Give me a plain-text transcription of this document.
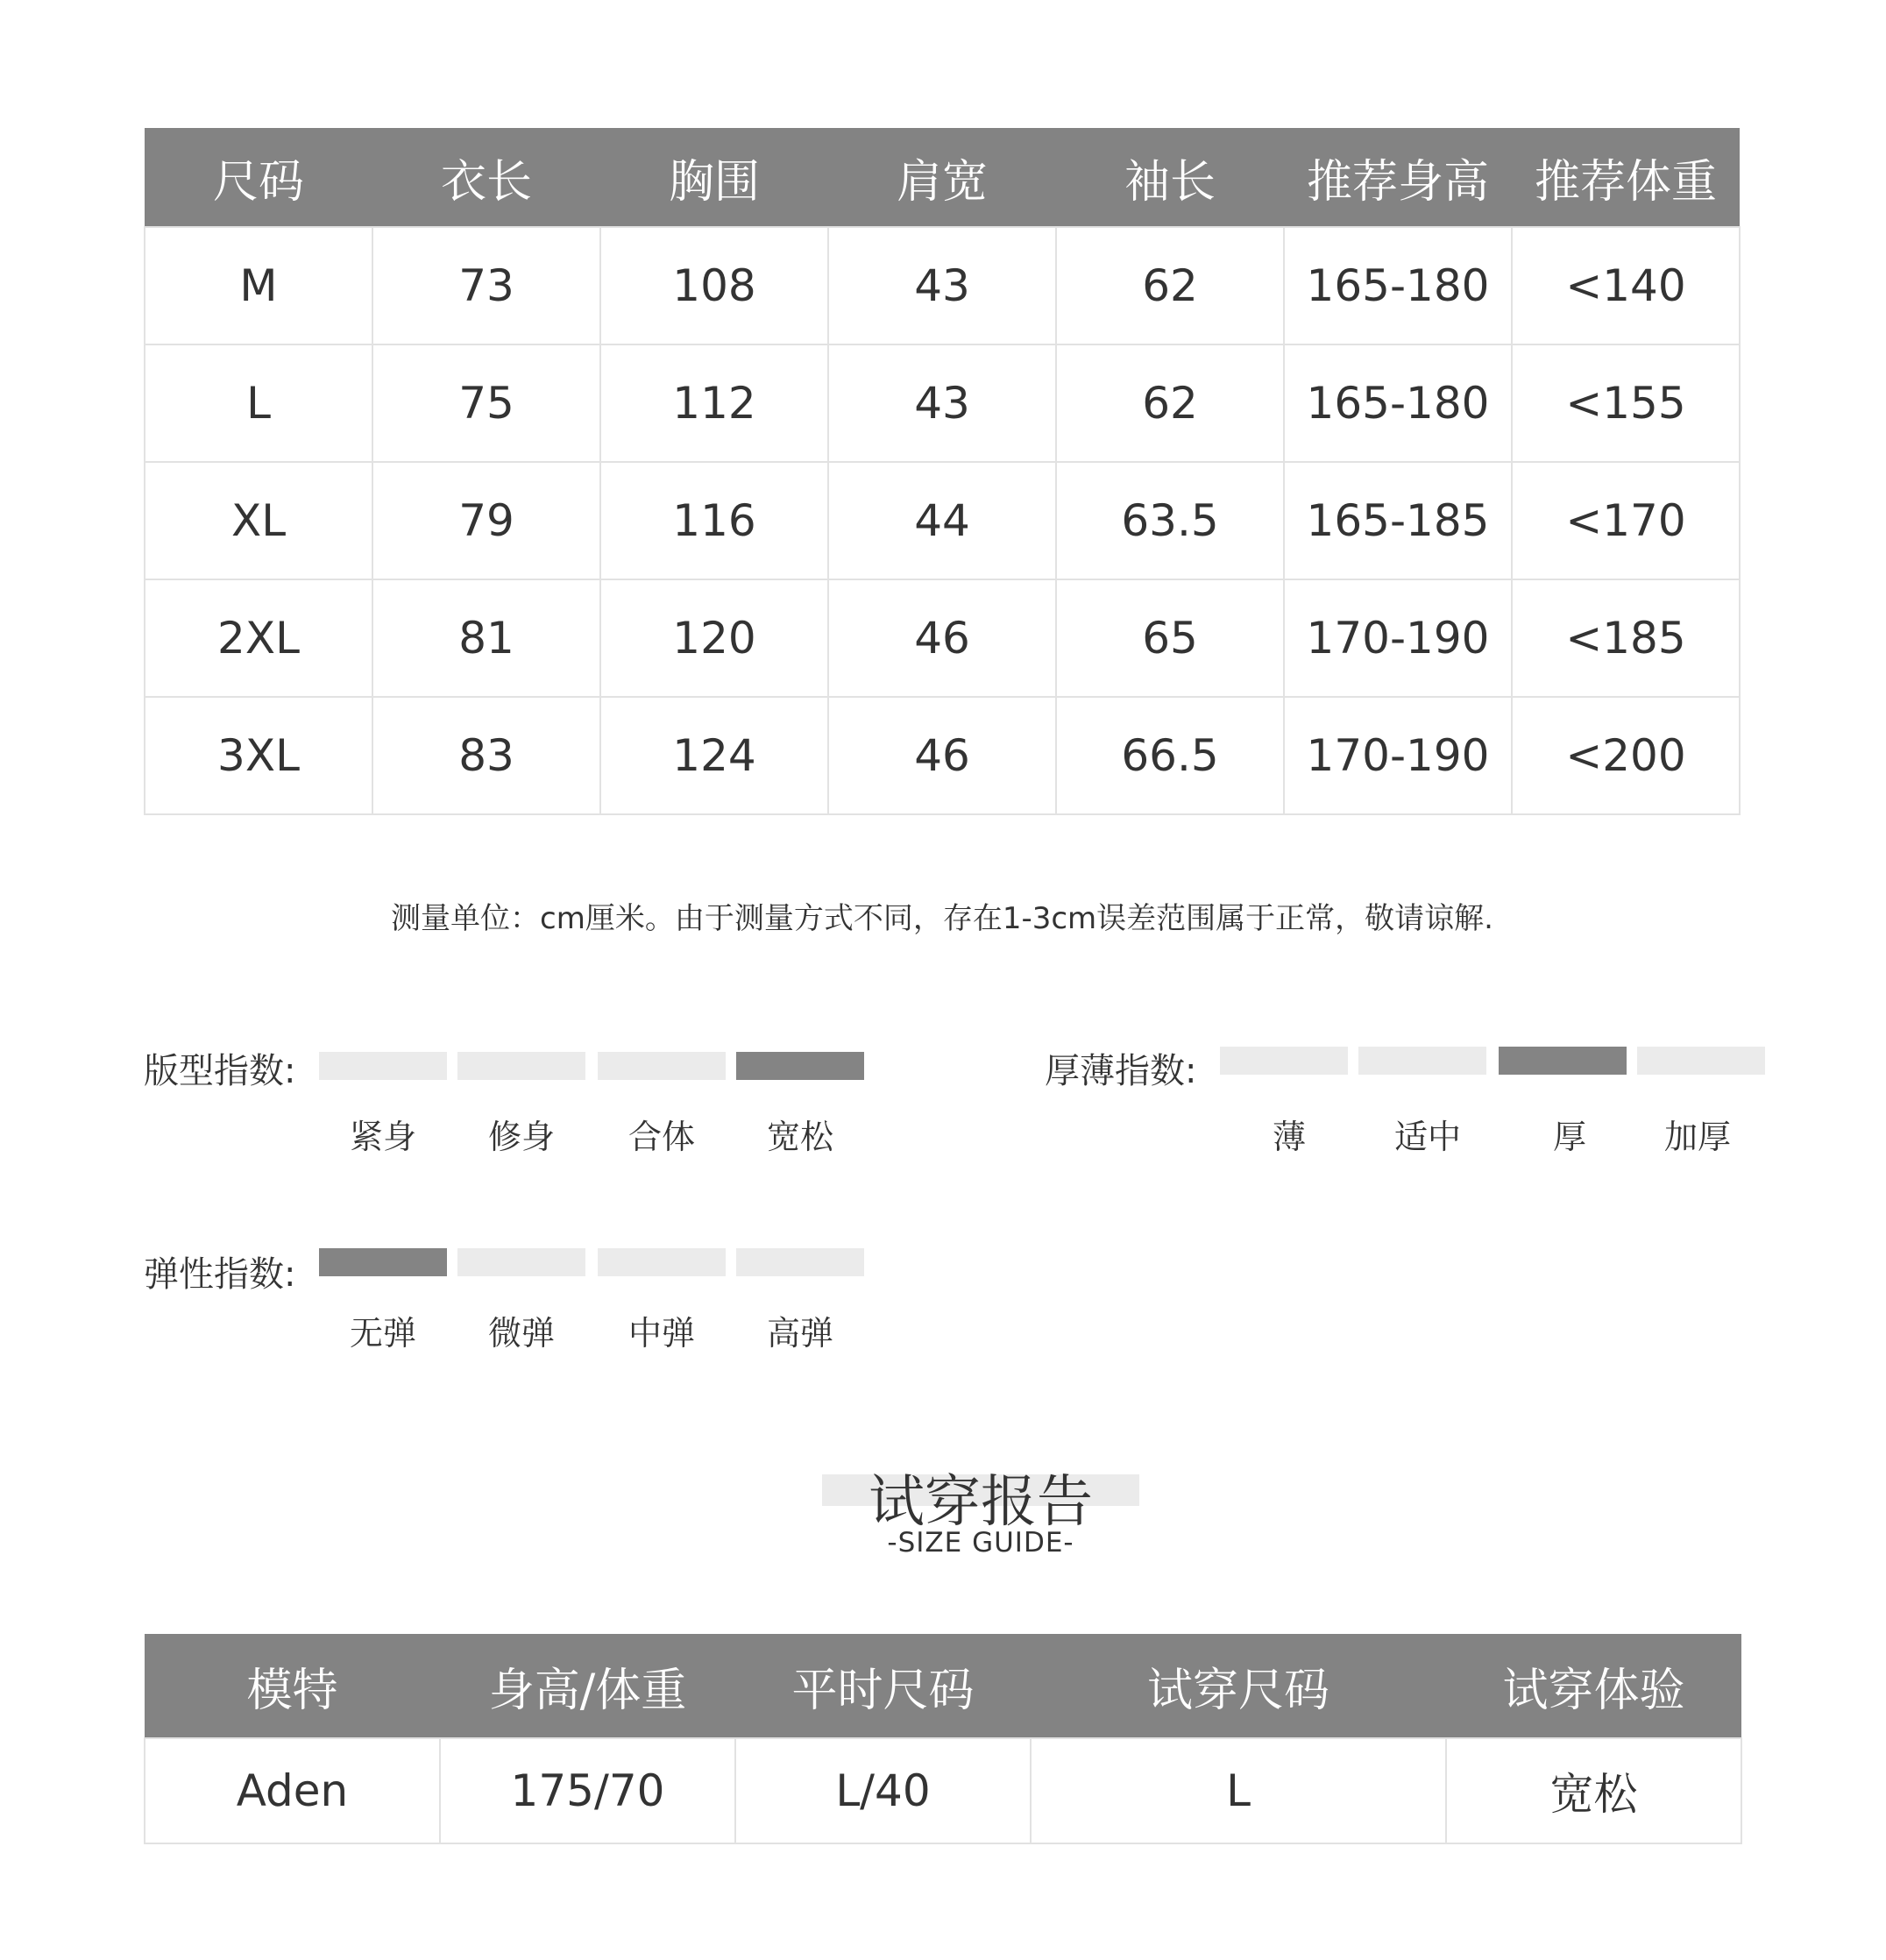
尺码	衣长	胸围	肩宽	袖长	推荐身高	推荐体重
M	73	108	43	62	165-180	<140
L	75	112	43	62	165-180	<155
XL	79	116	44	63.5	165-185	<170
2XL	81	120	46	65	170-190	<185
3XL	83	124	46	66.5	170-190	<200
测量单位：cm厘米。由于测量方式不同，存在1-3cm误差范围属于正常，敬请谅解.
版型指数:
紧身	修身	合体	宽松
厚薄指数:
薄	适中	厚	加厚
弹性指数:
无弹	微弹	中弹	高弹
试穿报告
-SIZE GUIDE-
模特	身高/体重	平时尺码	试穿尺码	试穿体验
Aden	175/70	L/40	L	宽松
